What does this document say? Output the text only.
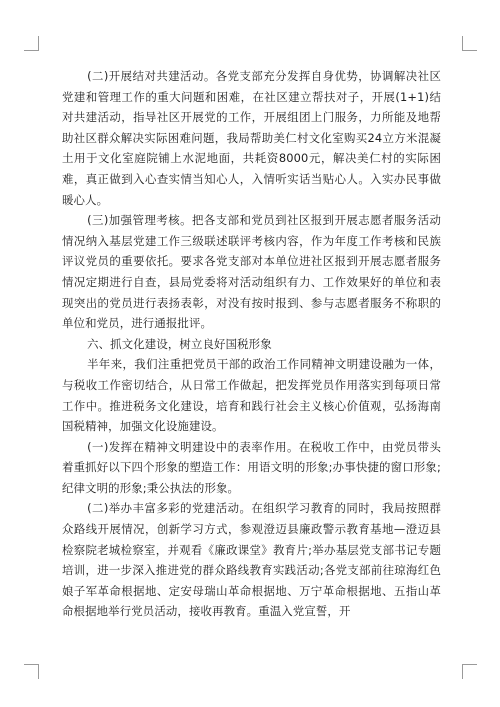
(二)开展结对共建活动。各党支部充分发挥自身优势，协调解决社区党建和管理工作的重大问题和困难，在社区建立帮扶对子，开展(1+1)结对共建活动，指导社区开展党的工作，开展组团上门服务，力所能及地帮助社区群众解决实际困难问题，我局帮助美仁村文化室购买24立方米混凝土用于文化室庭院铺上水泥地面，共耗资8000元，解决美仁村的实际困难，真正做到入心查实情当知心人，入情听实话当贴心人。入实办民事做暖心人。

(三)加强管理考核。把各支部和党员到社区报到开展志愿者服务活动情况纳入基层党建工作三级联述联评考核内容，作为年度工作考核和民族评议党员的重要依托。要求各党支部对本单位进社区报到开展志愿者服务情况定期进行自查，县局党委将对活动组织有力、工作效果好的单位和表现突出的党员进行表扬表彰，对没有按时报到、参与志愿者服务不称职的单位和党员，进行通报批评。

六、抓文化建设，树立良好国税形象

半年来，我们注重把党员干部的政治工作同精神文明建设融为一体，与税收工作密切结合，从日常工作做起，把发挥党员作用落实到每项日常工作中。推进税务文化建设，培育和践行社会主义核心价值观，弘扬海南国税精神，加强文化设施建设。

(一)发挥在精神文明建设中的表率作用。在税收工作中，由党员带头着重抓好以下四个形象的塑造工作：用语文明的形象;办事快捷的窗口形象;纪律文明的形象;秉公执法的形象。

(二)举办丰富多彩的党建活动。在组织学习教育的同时，我局按照群众路线开展情况，创新学习方式，参观澄迈县廉政警示教育基地—澄迈县检察院老城检察室，并观看《廉政课堂》教育片;举办基层党支部书记专题培训，进一步深入推进党的群众路线教育实践活动;各党支部前往琼海红色娘子军革命根据地、定安母瑞山革命根据地、万宁革命根据地、五指山革命根据地举行党员活动，接收再教育。重温入党宣誓，开
